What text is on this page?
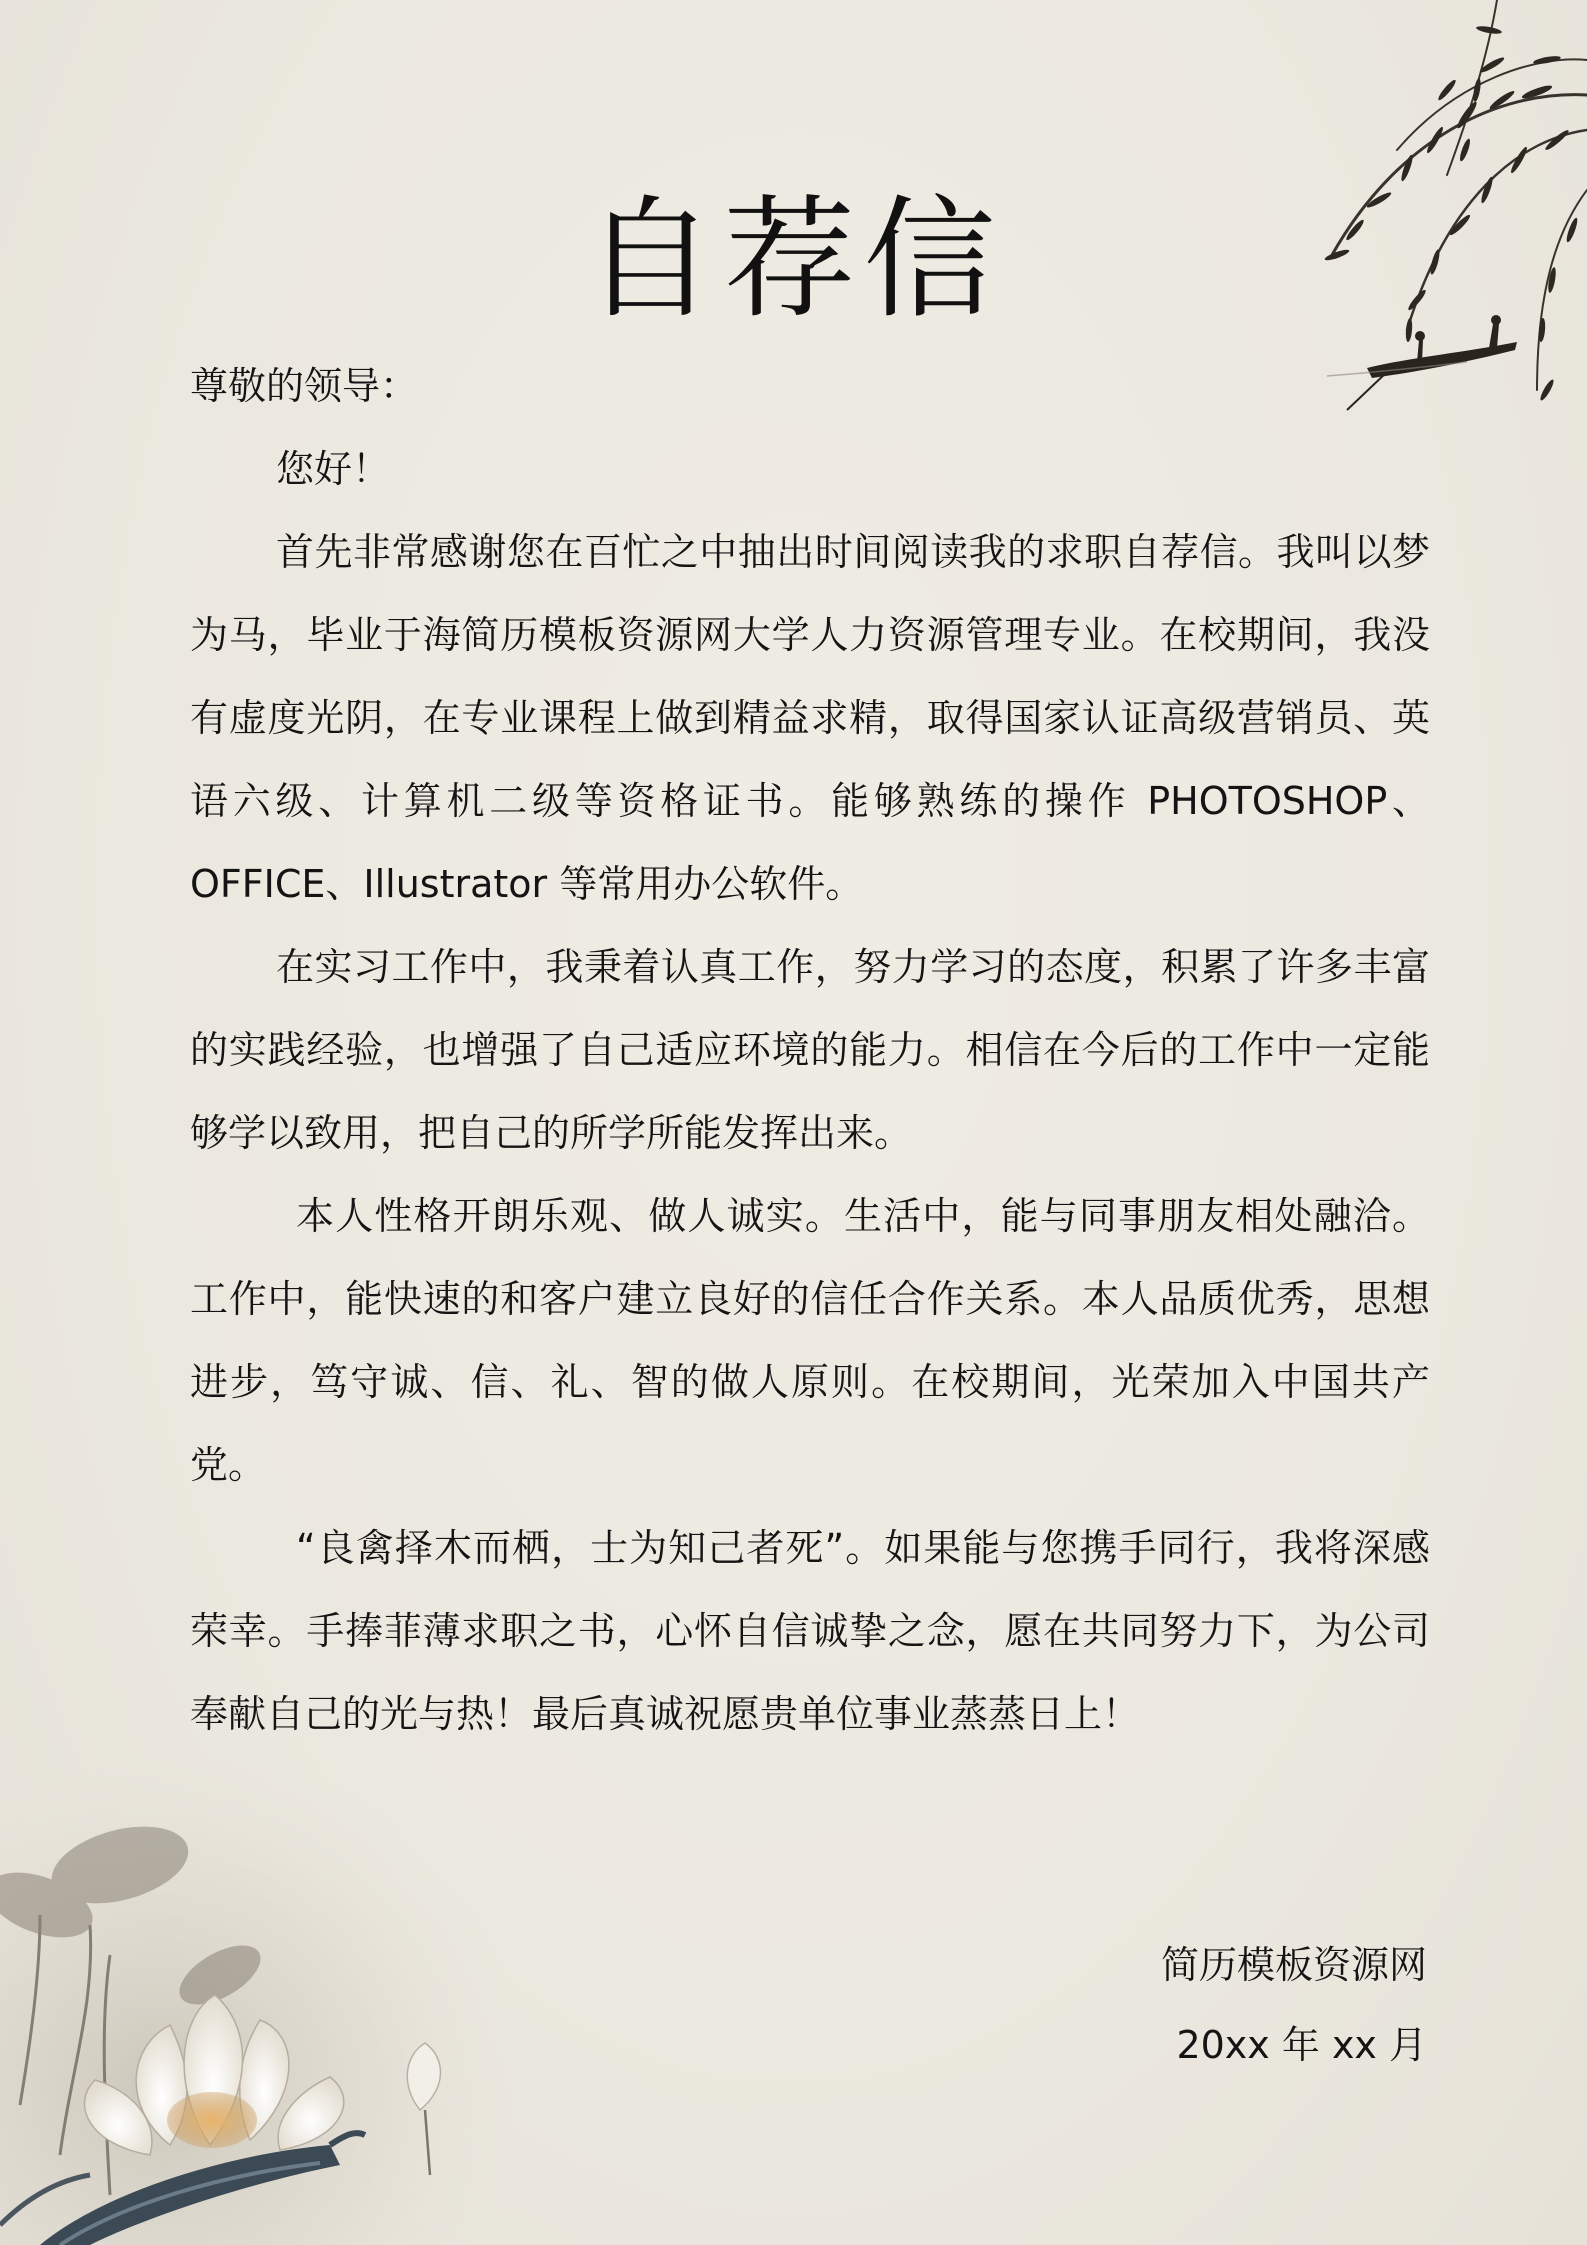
自荐信

尊敬的领导：

您好！

首先非常感谢您在百忙之中抽出时间阅读我的求职自荐信。我叫以梦为马，毕业于海简历模板资源网大学人力资源管理专业。在校期间，我没有虚度光阴，在专业课程上做到精益求精，取得国家认证高级营销员、英语六级、计算机二级等资格证书。能够熟练的操作 PHOTOSHOP、OFFICE、Illustrator 等常用办公软件。

在实习工作中，我秉着认真工作，努力学习的态度，积累了许多丰富的实践经验，也增强了自己适应环境的能力。相信在今后的工作中一定能够学以致用，把自己的所学所能发挥出来。

本人性格开朗乐观、做人诚实。生活中，能与同事朋友相处融洽。工作中，能快速的和客户建立良好的信任合作关系。本人品质优秀，思想进步，笃守诚、信、礼、智的做人原则。在校期间，光荣加入中国共产党。

“良禽择木而栖，士为知己者死”。如果能与您携手同行，我将深感荣幸。手捧菲薄求职之书，心怀自信诚挚之念，愿在共同努力下，为公司奉献自己的光与热！最后真诚祝愿贵单位事业蒸蒸日上！

简历模板资源网
20xx 年 xx 月
